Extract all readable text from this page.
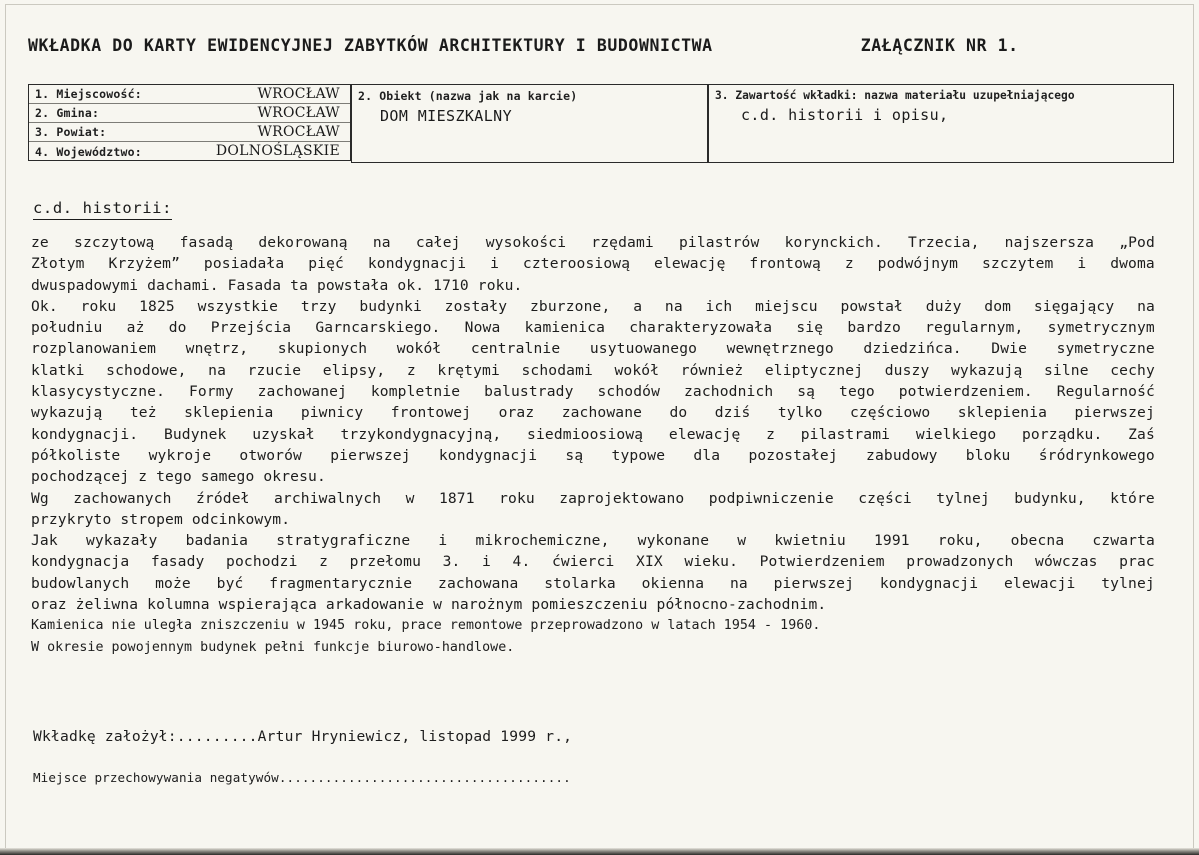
WKŁADKA DO KARTY EWIDENCYJNEJ ZABYTKÓW ARCHITEKTURY I BUDOWNICTWA	ZAŁĄCZNIK NR 1.
1. Miejscowość:	WROCŁAW
2. Gmina:	WROCŁAW
3. Powiat:	WROCŁAW
4. Województwo:	DOLNOŚLĄSKIE
2. Obiekt (nazwa jak na karcie)
DOM MIESZKALNY
3. Zawartość wkładki: nazwa materiału uzupełniającego
c.d. historii i opisu,
c.d. historii:
ze szczytową fasadą dekorowaną na całej wysokości rzędami pilastrów korynckich. Trzecia, najszersza „Pod
Złotym Krzyżem” posiadała pięć kondygnacji i czteroosiową elewację frontową z podwójnym szczytem i dwoma
dwuspadowymi dachami. Fasada ta powstała ok. 1710 roku.
Ok. roku 1825 wszystkie trzy budynki zostały zburzone, a na ich miejscu powstał duży dom sięgający na
południu aż do Przejścia Garncarskiego. Nowa kamienica charakteryzowała się bardzo regularnym, symetrycznym
rozplanowaniem wnętrz, skupionych wokół centralnie usytuowanego wewnętrznego dziedzińca. Dwie symetryczne
klatki schodowe, na rzucie elipsy, z krętymi schodami wokół również eliptycznej duszy wykazują silne cechy
klasycystyczne. Formy zachowanej kompletnie balustrady schodów zachodnich są tego potwierdzeniem. Regularność
wykazują też sklepienia piwnicy frontowej oraz zachowane do dziś tylko częściowo sklepienia pierwszej
kondygnacji. Budynek uzyskał trzykondygnacyjną, siedmioosiową elewację z pilastrami wielkiego porządku. Zaś
półkoliste wykroje otworów pierwszej kondygnacji są typowe dla pozostałej zabudowy bloku śródrynkowego
pochodzącej z tego samego okresu.
Wg zachowanych źródeł archiwalnych w 1871 roku zaprojektowano podpiwniczenie części tylnej budynku, które
przykryto stropem odcinkowym.
Jak wykazały badania stratygraficzne i mikrochemiczne, wykonane w kwietniu 1991 roku, obecna czwarta
kondygnacja fasady pochodzi z przełomu 3. i 4. ćwierci XIX wieku. Potwierdzeniem prowadzonych wówczas prac
budowlanych może być fragmentarycznie zachowana stolarka okienna na pierwszej kondygnacji elewacji tylnej
oraz żeliwna kolumna wspierająca arkadowanie w narożnym pomieszczeniu północno-zachodnim.
Kamienica nie uległa zniszczeniu w 1945 roku, prace remontowe przeprowadzono w latach 1954 - 1960.
W okresie powojennym budynek pełni funkcje biurowo-handlowe.
Wkładkę założył:.........Artur Hryniewicz, listopad 1999 r.,
Miejsce przechowywania negatywów......................................
